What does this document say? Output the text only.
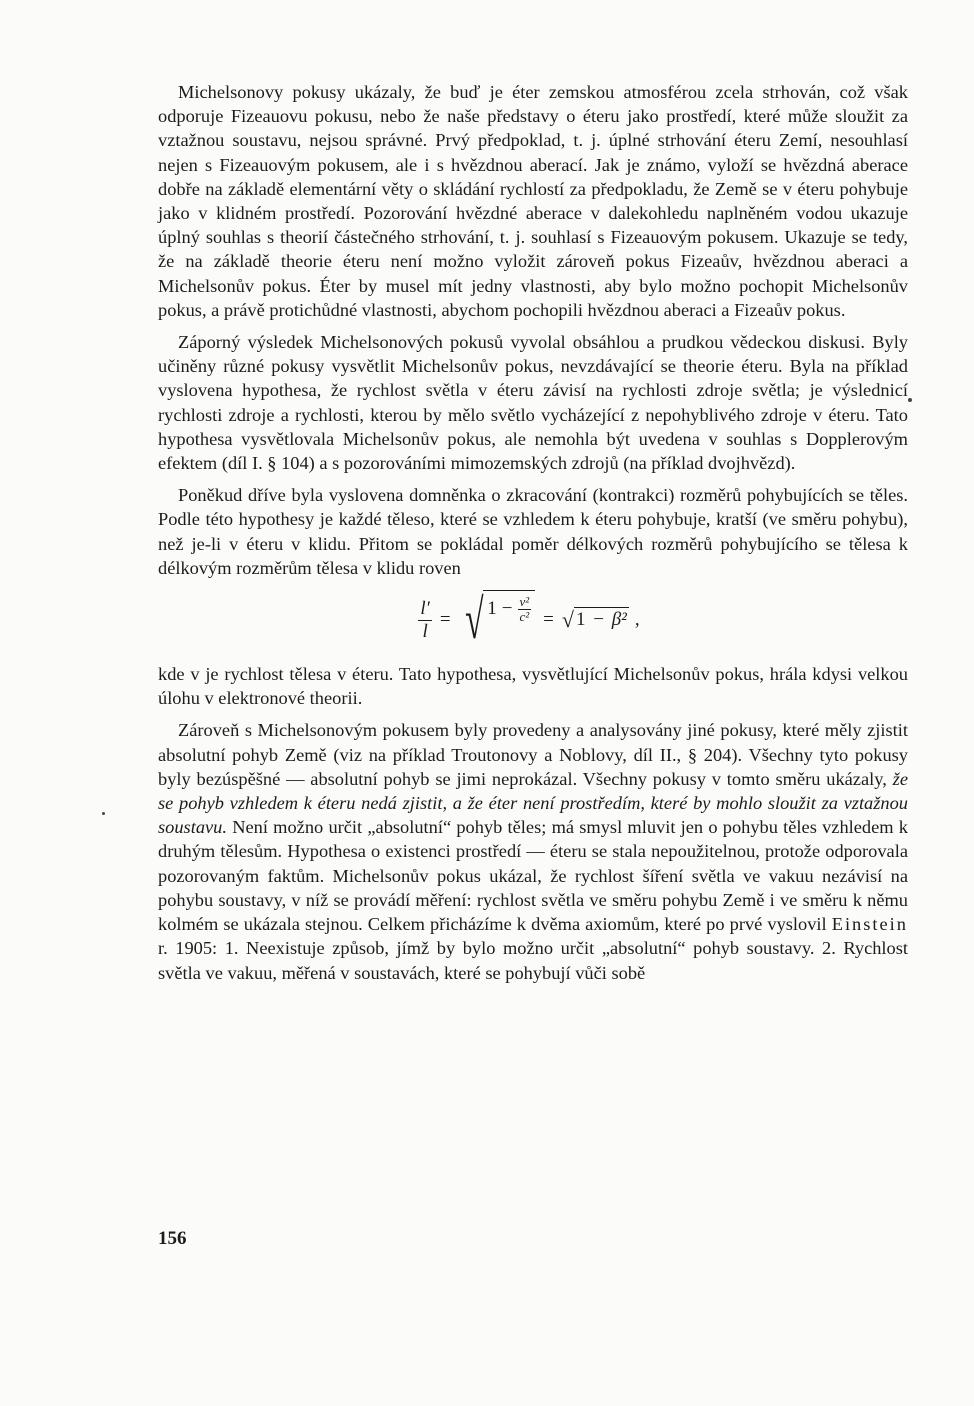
Michelsonovy pokusy ukázaly, že buď je éter zemskou atmosférou zcela strhován, což však odporuje Fizeauovu pokusu, nebo že naše představy o éteru jako prostředí, které může sloužit za vztažnou soustavu, nejsou správné. Prvý předpoklad, t. j. úplné strhování éteru Zemí, nesouhlasí nejen s Fizeauovým pokusem, ale i s hvězdnou aberací. Jak je známo, vyloží se hvězdná aberace dobře na základě elementární věty o skládání rychlostí za předpokladu, že Země se v éteru pohybuje jako v klidném prostředí. Pozorování hvězdné aberace v dalekohledu naplněném vodou ukazuje úplný souhlas s theorií částečného strhování, t. j. souhlasí s Fizeauovým pokusem. Ukazuje se tedy, že na základě theorie éteru není možno vyložit zároveň pokus Fizeaův, hvězdnou aberaci a Michelsonův pokus. Éter by musel mít jedny vlastnosti, aby bylo možno pochopit Michelsonův pokus, a právě protichůdné vlastnosti, abychom pochopili hvězdnou aberaci a Fizeaův pokus.

Záporný výsledek Michelsonových pokusů vyvolal obsáhlou a prudkou vědeckou diskusi. Byly učiněny různé pokusy vysvětlit Michelsonův pokus, nevzdávající se theorie éteru. Byla na příklad vyslovena hypothesa, že rychlost světla v éteru závisí na rychlosti zdroje světla; je výslednicí rychlosti zdroje a rychlosti, kterou by mělo světlo vycházející z nepohyblivého zdroje v éteru. Tato hypothesa vysvětlovala Michelsonův pokus, ale nemohla být uvedena v souhlas s Dopplerovým efektem (díl I. § 104) a s pozorováními mimozemských zdrojů (na příklad dvojhvězd).

Poněkud dříve byla vyslovena domněnka o zkracování (kontrakci) rozměrů pohybujících se těles. Podle této hypothesy je každé těleso, které se vzhledem k éteru pohybuje, kratší (ve směru pohybu), než je-li v éteru v klidu. Přitom se pokládal poměr délkových rozměrů pohybujícího se tělesa k délkovým rozměrům tělesa v klidu roven

$\frac{l'}{l}$ = √ $1 - \frac{\text{v²}}{\text{c²}}$ = √ 1 − β² ,

kde v je rychlost tělesa v éteru. Tato hypothesa, vysvětlující Michelsonův pokus, hrála kdysi velkou úlohu v elektronové theorii.

Zároveň s Michelsonovým pokusem byly provedeny a analysovány jiné pokusy, které měly zjistit absolutní pohyb Země (viz na příklad Troutonovy a Noblovy, díl II., § 204). Všechny tyto pokusy byly bezúspěšné — absolutní pohyb se jimi neprokázal. Všechny pokusy v tomto směru ukázaly, že se pohyb vzhledem k éteru nedá zjistit, a že éter není prostředím, které by mohlo sloužit za vztažnou soustavu. Není možno určit „absolutní“ pohyb těles; má smysl mluvit jen o pohybu těles vzhledem k druhým tělesům. Hypothesa o existenci prostředí — éteru se stala nepoužitelnou, protože odporovala pozorovaným faktům. Michelsonův pokus ukázal, že rychlost šíření světla ve vakuu nezávisí na pohybu soustavy, v níž se provádí měření: rychlost světla ve směru pohybu Země i ve směru k němu kolmém se ukázala stejnou. Celkem přicházíme k dvěma axiomům, které po prvé vyslovil Einstein r. 1905: 1. Neexistuje způsob, jímž by bylo možno určit „absolutní“ pohyb soustavy. 2. Rychlost světla ve vakuu, měřená v soustavách, které se pohybují vůči sobě

156
